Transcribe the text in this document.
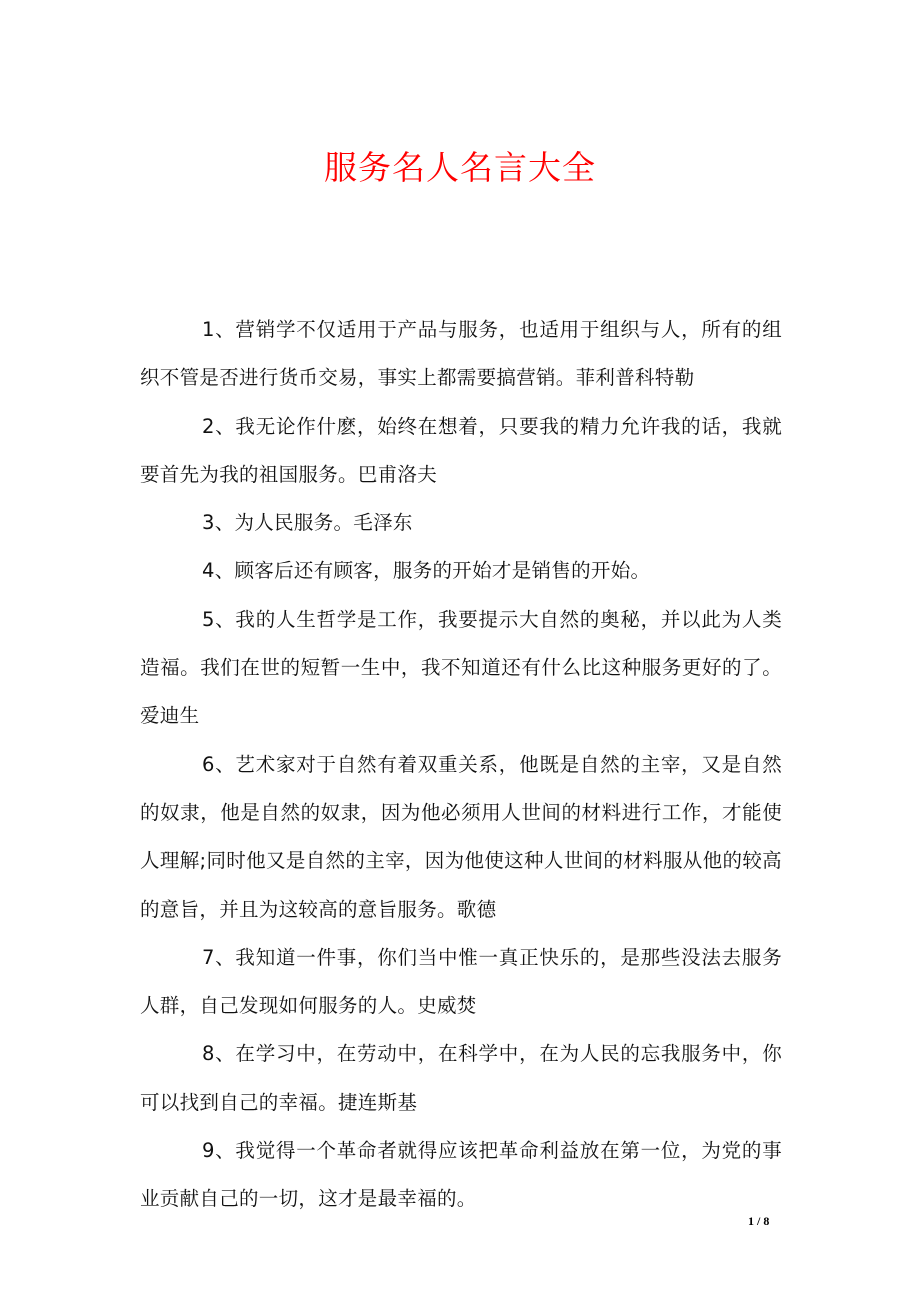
服务名人名言大全

1、营销学不仅适用于产品与服务，也适用于组织与人，所有的组织不管是否进行货币交易，事实上都需要搞营销。菲利普科特勒

2、我无论作什麽，始终在想着，只要我的精力允许我的话，我就要首先为我的祖国服务。巴甫洛夫

3、为人民服务。毛泽东

4、顾客后还有顾客，服务的开始才是销售的开始。

5、我的人生哲学是工作，我要提示大自然的奥秘，并以此为人类造福。我们在世的短暂一生中，我不知道还有什么比这种服务更好的了。爱迪生

6、艺术家对于自然有着双重关系，他既是自然的主宰，又是自然的奴隶，他是自然的奴隶，因为他必须用人世间的材料进行工作，才能使人理解;同时他又是自然的主宰，因为他使这种人世间的材料服从他的较高的意旨，并且为这较高的意旨服务。歌德

7、我知道一件事，你们当中惟一真正快乐的，是那些没法去服务人群，自己发现如何服务的人。史威焚

8、在学习中，在劳动中，在科学中，在为人民的忘我服务中，你可以找到自己的幸福。捷连斯基

9、我觉得一个革命者就得应该把革命利益放在第一位，为党的事业贡献自己的一切，这才是最幸福的。

1 / 8
